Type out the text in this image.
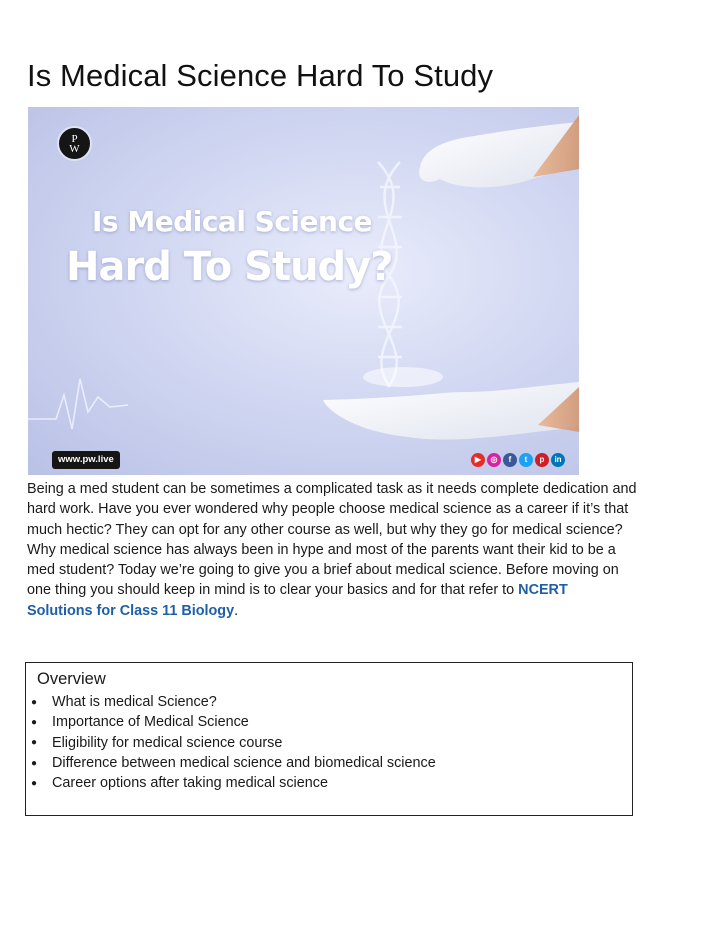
Is Medical Science Hard To Study
P
W

Is Medical Science

Hard To Study?

www.pw.live	▶	◎	f	t	p	in

Being a med student can be sometimes a complicated task as it needs complete dedication and hard work. Have you ever wondered why people choose medical science as a career if it’s that much hectic? They can opt for any other course as well, but why they go for medical science? Why medical science has always been in hype and most of the parents want their kid to be a med student? Today we’re going to give you a brief about medical science. Before moving on one thing you should keep in mind is to clear your basics and for that refer to NCERT Solutions for Class 11 Biology.

Overview
●	What is medical Science?
●	Importance of Medical Science
●	Eligibility for medical science course
●	Difference between medical science and biomedical science
●	Career options after taking medical science
